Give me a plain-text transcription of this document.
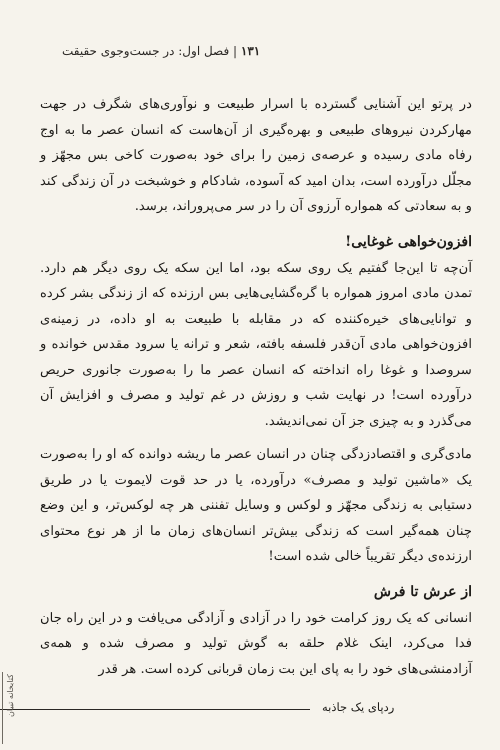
۱۳۱ | فصل اول: در جست‌وجوی حقیقت

در پرتو این آشنایی گسترده با اسرار طبیعت و نوآوری‌های شگرف در جهت مهارکردن نیروهای طبیعی و بهره‌گیری از آن‌هاست که انسان عصر ما به اوج رفاه مادی رسیده و عرصه‌ی زمین را برای خود به‌صورت کاخی بس مجهّز و مجلّل درآورده است، بدان امید که آسوده، شادکام و خوشبخت در آن زندگی کند و به سعادتی که همواره آرزوی آن را در سر می‌پروراند، برسد.

افزون‌خواهی غوغایی!

آن‌چه تا این‌جا گفتیم یک روی سکه بود، اما این سکه یک روی دیگر هم دارد. تمدن مادی امروز همواره با گره‌گشایی‌هایی بس ارزنده که از زندگی بشر کرده و توانایی‌های خیره‌کننده که در مقابله با طبیعت به او داده، در زمینه‌ی افزون‌خواهی مادی آن‌قدر فلسفه بافته، شعر و ترانه یا سرود مقدس خوانده و سروصدا و غوغا راه انداخته که انسان عصر ما را به‌صورت جانوری حریص درآورده است! در نهایت شب و روزش در غم تولید و مصرف و افزایش آن می‌گذرد و به چیزی جز آن نمی‌اندیشد.

مادی‌گری و اقتصادزدگی چنان در انسان عصر ما ریشه دوانده که او را به‌صورت یک «ماشین تولید و مصرف» درآورده، یا در حد قوت لایموت یا در طریق دستیابی به زندگی مجهّز و لوکس و وسایل تفننی هر چه لوکس‌تر، و این وضع چنان همه‌گیر است که زندگی بیش‌تر انسان‌های زمان ما از هر نوع محتوای ارزنده‌ی دیگر تقریباً خالی شده است!

از عرش تا فرش

انسانی که یک روز کرامت خود را در آزادی و آزادگی می‌یافت و در این راه جان فدا می‌کرد، اینک غلام حلقه به گوش تولید و مصرف شده و همه‌ی آزادمنشی‌های خود را به پای این بت زمان قربانی کرده است. هر قدر

ردپای یک جاذبه
کتابخانه تبیان
